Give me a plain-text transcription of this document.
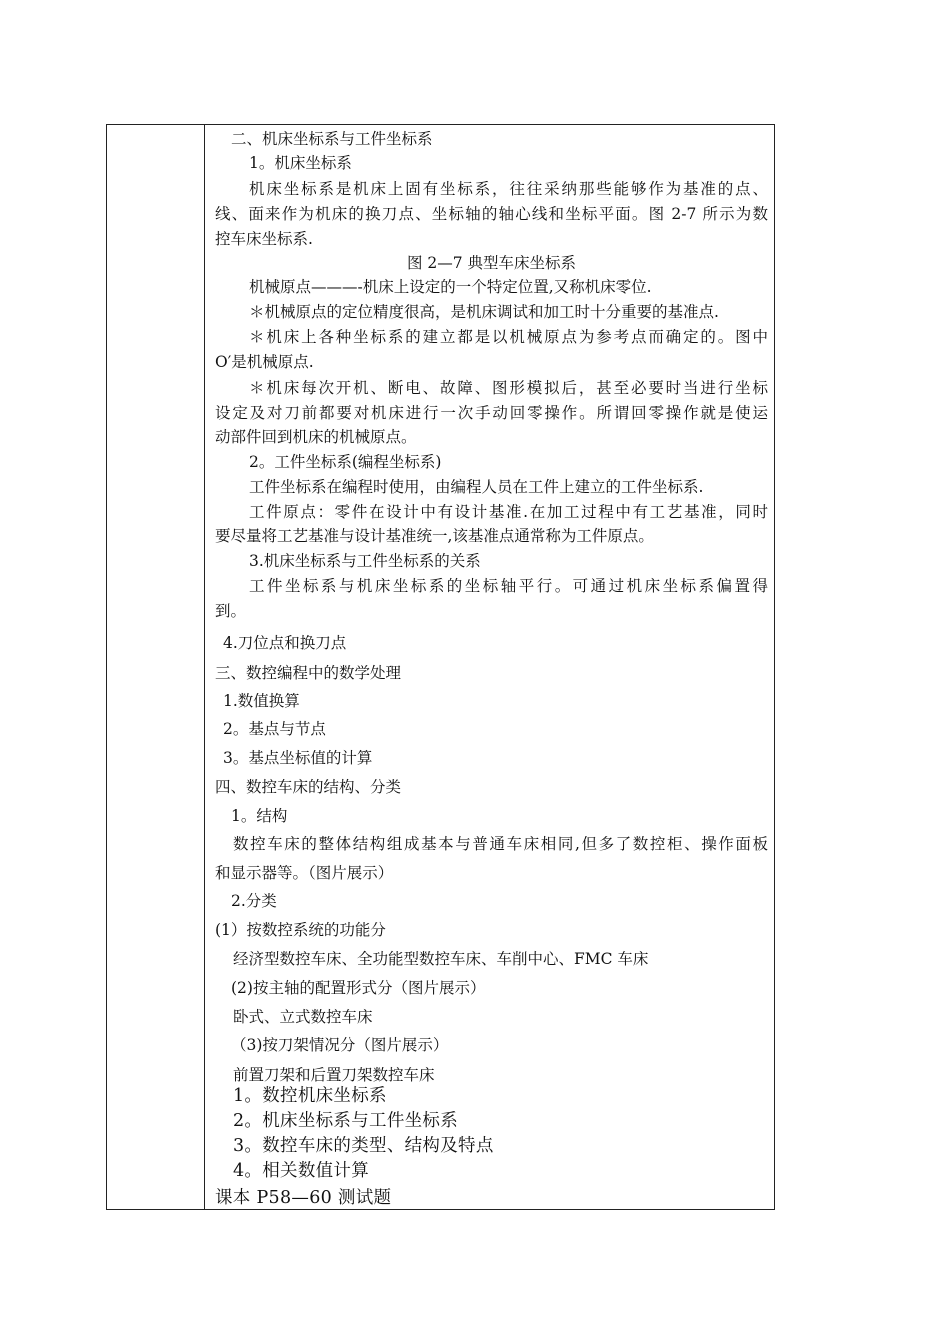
二、机床坐标系与工件坐标系
1。机床坐标系
机床坐标系是机床上固有坐标系，往往采纳那些能够作为基准的点、
线、面来作为机床的换刀点、坐标轴的轴心线和坐标平面。图 2-7 所示为数
控车床坐标系.
图 2—7 典型车床坐标系
机械原点———-机床上设定的一个特定位置,又称机床零位.
＊机械原点的定位精度很高，是机床调试和加工时十分重要的基准点.
＊机床上各种坐标系的建立都是以机械原点为参考点而确定的。图中
O′是机械原点.
＊机床每次开机、断电、故障、图形模拟后，甚至必要时当进行坐标
设定及对刀前都要对机床进行一次手动回零操作。所谓回零操作就是使运
动部件回到机床的机械原点。
2。工件坐标系(编程坐标系)
工件坐标系在编程时使用，由编程人员在工件上建立的工件坐标系.
工件原点：零件在设计中有设计基准.在加工过程中有工艺基准，同时
要尽量将工艺基准与设计基准统一,该基准点通常称为工件原点。
3.机床坐标系与工件坐标系的关系
工件坐标系与机床坐标系的坐标轴平行。可通过机床坐标系偏置得
到。
4.刀位点和换刀点
三、数控编程中的数学处理
1.数值换算
2。基点与节点
3。基点坐标值的计算
四、数控车床的结构、分类
1。结构
数控车床的整体结构组成基本与普通车床相同,但多了数控柜、操作面板
和显示器等。（图片展示）
2.分类
(1）按数控系统的功能分
经济型数控车床、全功能型数控车床、车削中心、FMC 车床
(2)按主轴的配置形式分（图片展示）
卧式、立式数控车床
（3)按刀架情况分（图片展示）
前置刀架和后置刀架数控车床
1。数控机床坐标系
2。机床坐标系与工件坐标系
3。数控车床的类型、结构及特点
4。相关数值计算
课本 P58—60 测试题
